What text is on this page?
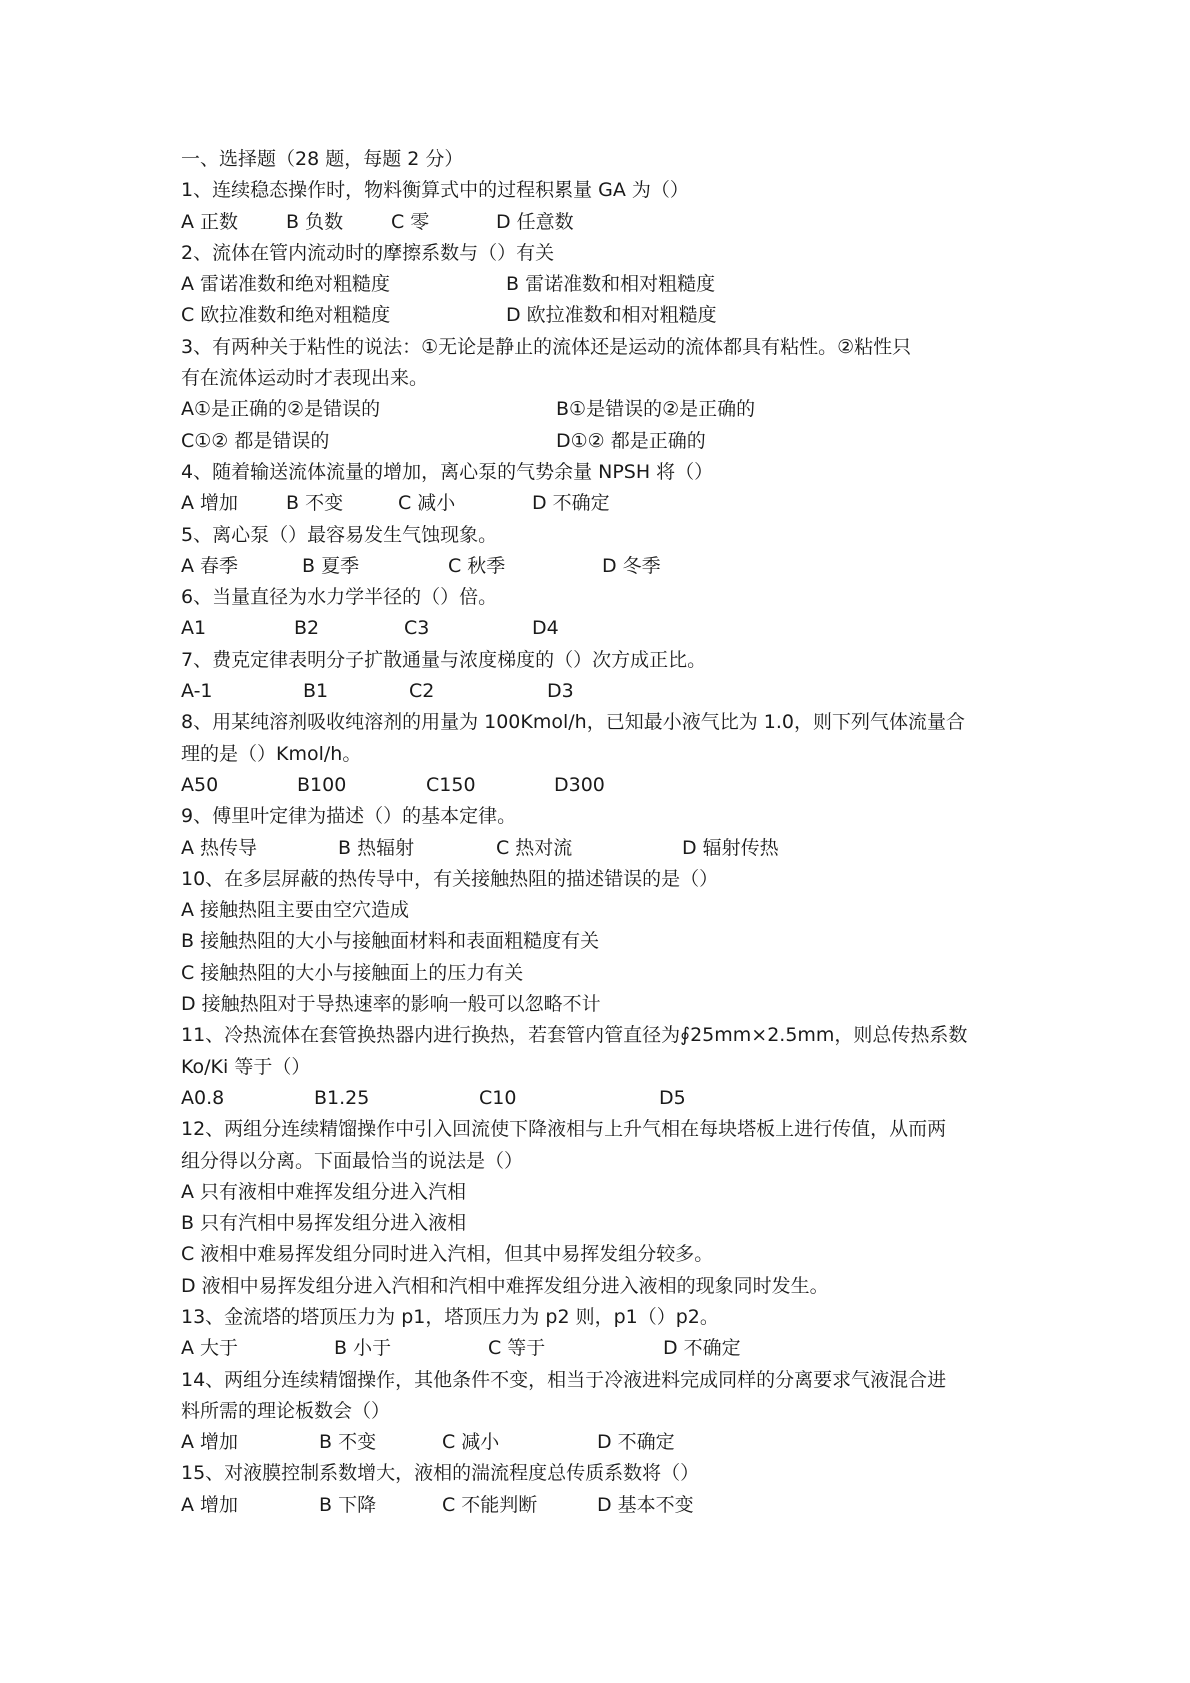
一、选择题（28 题，每题 2 分）
1、连续稳态操作时，物料衡算式中的过程积累量 GA 为（）
A 正数	B 负数	C 零	D 任意数
2、流体在管内流动时的摩擦系数与（）有关
A 雷诺准数和绝对粗糙度	B 雷诺准数和相对粗糙度
C 欧拉准数和绝对粗糙度	D 欧拉准数和相对粗糙度
3、有两种关于粘性的说法：①无论是静止的流体还是运动的流体都具有粘性。②粘性只
有在流体运动时才表现出来。
A①是正确的②是错误的	B①是错误的②是正确的
C①② 都是错误的	D①② 都是正确的
4、随着输送流体流量的增加，离心泵的气势余量 NPSH 将（）
A 增加	B 不变	C 减小	D 不确定
5、离心泵（）最容易发生气蚀现象。
A 春季	B 夏季	C 秋季	D 冬季
6、当量直径为水力学半径的（）倍。
A1	B2	C3	D4
7、费克定律表明分子扩散通量与浓度梯度的（）次方成正比。
A-1	B1	C2	D3
8、用某纯溶剂吸收纯溶剂的用量为 100Kmol/h，已知最小液气比为 1.0，则下列气体流量合
理的是（）Kmol/h。
A50	B100	C150	D300
9、傅里叶定律为描述（）的基本定律。
A 热传导	B 热辐射	C 热对流	D 辐射传热
10、在多层屏蔽的热传导中，有关接触热阻的描述错误的是（）
A 接触热阻主要由空穴造成
B 接触热阻的大小与接触面材料和表面粗糙度有关
C 接触热阻的大小与接触面上的压力有关
D 接触热阻对于导热速率的影响一般可以忽略不计
11、冷热流体在套管换热器内进行换热，若套管内管直径为∮25mm×2.5mm，则总传热系数
Ko/Ki 等于（）
A0.8	B1.25	C10	D5
12、两组分连续精馏操作中引入回流使下降液相与上升气相在每块塔板上进行传值，从而两
组分得以分离。下面最恰当的说法是（）
A 只有液相中难挥发组分进入汽相
B 只有汽相中易挥发组分进入液相
C 液相中难易挥发组分同时进入汽相，但其中易挥发组分较多。
D 液相中易挥发组分进入汽相和汽相中难挥发组分进入液相的现象同时发生。
13、金流塔的塔顶压力为 p1，塔顶压力为 p2 则，p1（）p2。
A 大于	B 小于	C 等于	D 不确定
14、两组分连续精馏操作，其他条件不变，相当于冷液进料完成同样的分离要求气液混合进
料所需的理论板数会（）
A 增加	B 不变	C 减小	D 不确定
15、对液膜控制系数增大，液相的湍流程度总传质系数将（）
A 增加	B 下降	C 不能判断	D 基本不变
